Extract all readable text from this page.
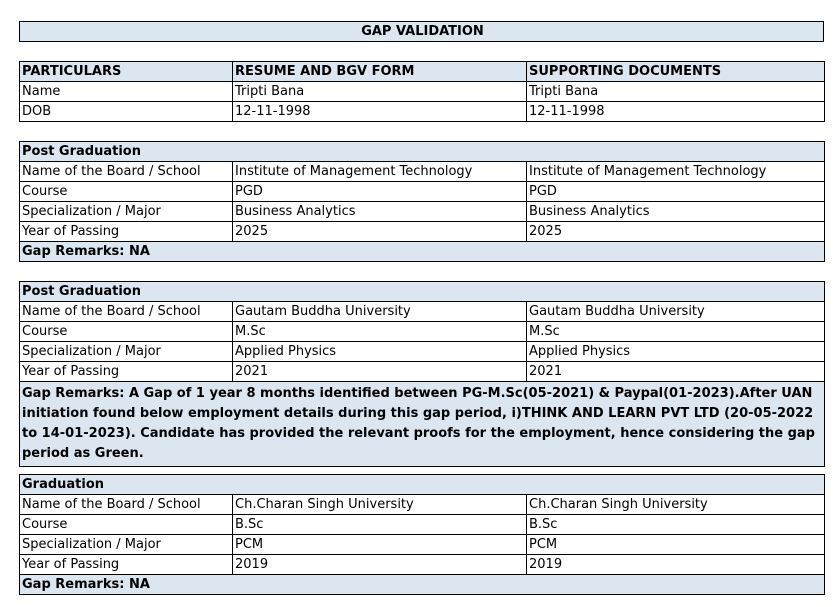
GAP VALIDATION
PARTICULARS	RESUME AND BGV FORM	SUPPORTING DOCUMENTS
Name	Tripti Bana	Tripti Bana
DOB	12-11-1998	12-11-1998
Post Graduation		
Name of the Board / School	Institute of Management Technology	Institute of Management Technology
Course	PGD	PGD
Specialization / Major	Business Analytics	Business Analytics
Year of Passing	2025	2025
Gap Remarks: NA		
Post Graduation		
Name of the Board / School	Gautam Buddha University	Gautam Buddha University
Course	M.Sc	M.Sc
Specialization / Major	Applied Physics	Applied Physics
Year of Passing	2021	2021
Gap Remarks: A Gap of 1 year 8 months identified between PG-M.Sc(05-2021) & Paypal(01-2023).After UAN initiation found below employment details during this gap period, i)THINK AND LEARN PVT LTD (20-05-2022 to 14-01-2023). Candidate has provided the relevant proofs for the employment, hence considering the gap period as Green.		
Graduation		
Name of the Board / School	Ch.Charan Singh University	Ch.Charan Singh University
Course	B.Sc	B.Sc
Specialization / Major	PCM	PCM
Year of Passing	2019	2019
Gap Remarks: NA		
